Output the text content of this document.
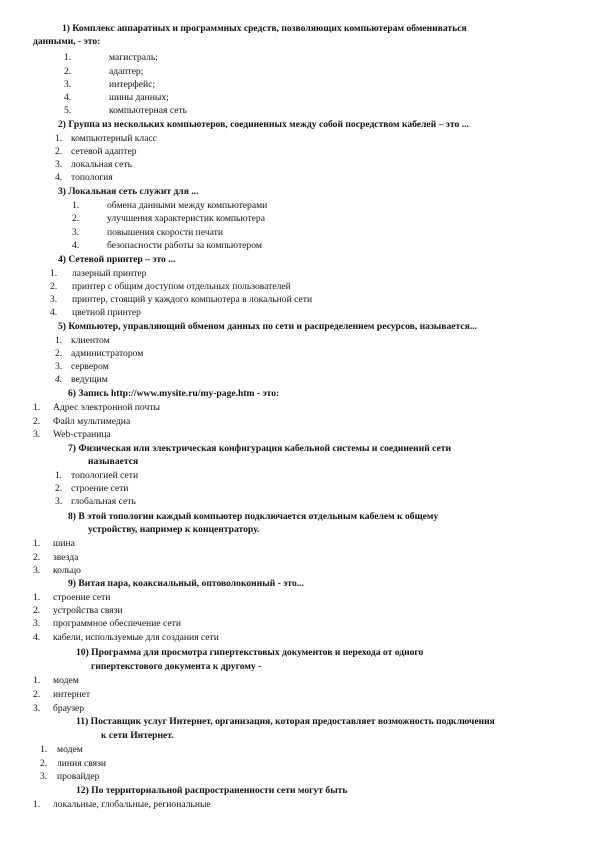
1) Комплекс аппаратных и программных средств, позволяющих компьютерам обмениваться
данными, - это:
1.	магистраль;
2.	адаптер;
3.	интерфейс;
4.	шины данных;
5.	компьютерная сеть
2) Группа из нескольких компьютеров, соединенных между собой посредством кабелей – это ...
1. компьютерный класс
2. сетевой адаптер
3. локальная сеть
4. топология
3) Локальная сеть служит для ...
1.	обмена данными между компьютерами
2.	улучшения характеристик компьютера
3.	повышения скорости печати
4.	безопасности работы за компьютером
4) Сетевой принтер – это ...
1. лазерный принтер
2. принтер с общим доступом отдельных пользователей
3. принтер, стоящий у каждого компьютера в локальной сети
4. цветной принтер
5) Компьютер, управляющий обменом данных по сети и распределением ресурсов, называется...
1. клиентом
2. администратором
3. сервером
4. ведущим
6) Запись http://www.mysite.ru/my-page.htm - это:
1. Адрес электронной почты
2. Файл мультимедиа
3. Web-страница
7) Физическая или электрическая конфигурация кабельной системы и соединений сети
называется
1. топологией сети
2. строение сети
3. глобальная сеть
8) В этой топологии каждый компьютер подключается отдельным кабелем к общему
устройству, например к концентратору.
1. шина
2. звезда
3. кольцо
9) Витая пара, коаксиальный, оптоволоконный - это...
1. строение сети
2. устройства связи
3. программное обеспечение сети
4. кабели, используемые для создания сети
10) Программа для просмотра гипертекстовых документов и перехода от одного
гипертекстового документа к другому -
1. модем
2. интернет
3. браузер
11) Поставщик услуг Интернет, организация, которая предоставляет возможность подключения
к сети Интернет.
1. модем
2. линия связи
3. провайдер
12) По территориальной распространенности сети могут быть
1. локальные, глобальные, региональные
